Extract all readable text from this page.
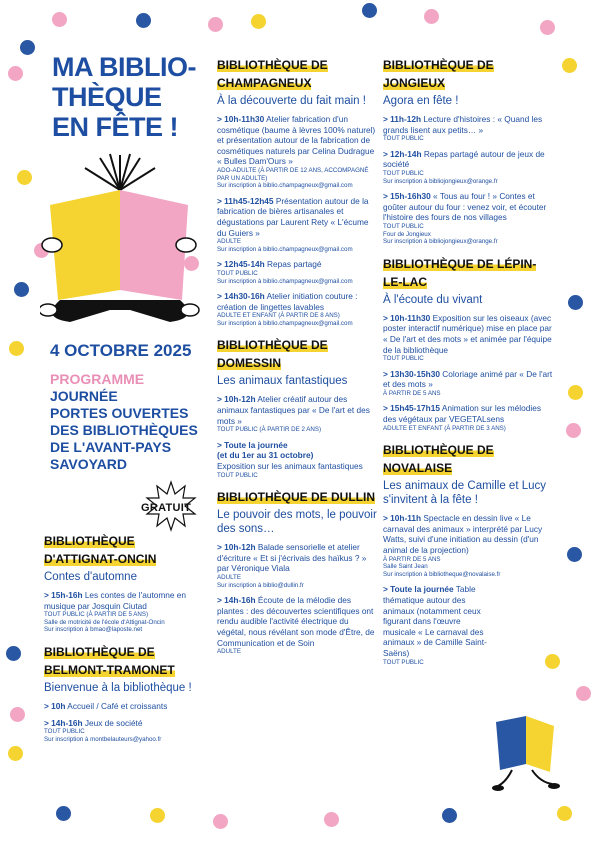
MA BIBLIO-
THÈQUE
EN FÊTE !
4 OCTOBRE 2025
PROGRAMME
JOURNÉE
PORTES OUVERTES
DES BIBLIOTHÈQUES
DE L'AVANT-PAYS
SAVOYARD
GRATUIT
BIBLIOTHÈQUE D'ATTIGNAT-ONCIN
Contes d'automne
> 15h-16h Les contes de l'automne en musique par Josquin Ciutad
TOUT PUBLIC (À PARTIR DE 5 ANS)
Salle de motricité de l'école d'Attignat-Oncin
Sur inscription à bmao@laposte.net
BIBLIOTHÈQUE DE BELMONT-TRAMONET
Bienvenue à la bibliothèque !
> 10h Accueil / Café et croissants
> 14h-16h Jeux de société
TOUT PUBLIC
Sur inscription à montbelauteurs@yahoo.fr
BIBLIOTHÈQUE DE CHAMPAGNEUX
À la découverte du fait main !
> 10h-11h30 Atelier fabrication d'un cosmétique (baume à lèvres 100% naturel) et présentation autour de la fabrication de cosmétiques naturels par Celina Dudrague « Bulles Dam'Ours »
ADO-ADULTE (À PARTIR DE 12 ANS, ACCOMPAGNÉ PAR UN ADULTE)
Sur inscription à biblio.champagneux@gmail.com
> 11h45-12h45 Présentation autour de la fabrication de bières artisanales et dégustations par Laurent Rety « L'écume du Guiers »
ADULTE
Sur inscription à biblio.champagneux@gmail.com
> 12h45-14h Repas partagé
TOUT PUBLIC
Sur inscription à biblio.champagneux@gmail.com
> 14h30-16h Atelier initiation couture : création de lingettes lavables
ADULTE ET ENFANT (À PARTIR DE 8 ANS)
Sur inscription à biblio.champagneux@gmail.com
BIBLIOTHÈQUE DE DOMESSIN
Les animaux fantastiques
> 10h-12h Atelier créatif autour des animaux fantastiques par « De l'art et des mots »
TOUT PUBLIC (À PARTIR DE 2 ANS)
> Toute la journée
(et du 1er au 31 octobre)
Exposition sur les animaux fantastiques
TOUT PUBLIC
BIBLIOTHÈQUE DE DULLIN
Le pouvoir des mots, le pouvoir des sons…
> 10h-12h Balade sensorielle et atelier d'écriture « Et si j'écrivais des haïkus ? » par Véronique Viala
ADULTE
Sur inscription à biblio@dullin.fr
> 14h-16h Écoute de la mélodie des plantes : des découvertes scientifiques ont rendu audible l'activité électrique du végétal, nous révélant son mode d'Être, de Communication et de Soin
ADULTE
BIBLIOTHÈQUE DE JONGIEUX
Agora en fête !
> 11h-12h Lecture d'histoires : « Quand les grands lisent aux petits… »
TOUT PUBLIC
> 12h-14h Repas partagé autour de jeux de société
TOUT PUBLIC
Sur inscription à bibliojongieux@orange.fr
> 15h-16h30 « Tous au four ! » Contes et goûter autour du four : venez voir, et écouter l'histoire des fours de nos villages
TOUT PUBLIC
Four de Jongieux
Sur inscription à bibliojongieux@orange.fr
BIBLIOTHÈQUE DE LÉPIN-LE-LAC
À l'écoute du vivant
> 10h-11h30 Exposition sur les oiseaux (avec poster interactif numérique) mise en place par « De l'art et des mots » et animée par l'équipe de la bibliothèque
TOUT PUBLIC
> 13h30-15h30 Coloriage animé par « De l'art et des mots »
À PARTIR DE 5 ANS
> 15h45-17h15 Animation sur les mélodies des végétaux par VEGETALsens
ADULTE ET ENFANT (À PARTIR DE 3 ANS)
BIBLIOTHÈQUE DE NOVALAISE
Les animaux de Camille et Lucy s'invitent à la fête !
> 10h-11h Spectacle en dessin live « Le carnaval des animaux » interprété par Lucy Watts, suivi d'une initiation au dessin (d'un animal de la projection)
À PARTIR DE 5 ANS
Salle Saint Jean
Sur inscription à bibliotheque@novalaise.fr
> Toute la journée Table thématique autour des animaux (notamment ceux figurant dans l'œuvre musicale « Le carnaval des animaux » de Camille Saint-Saëns)
TOUT PUBLIC
